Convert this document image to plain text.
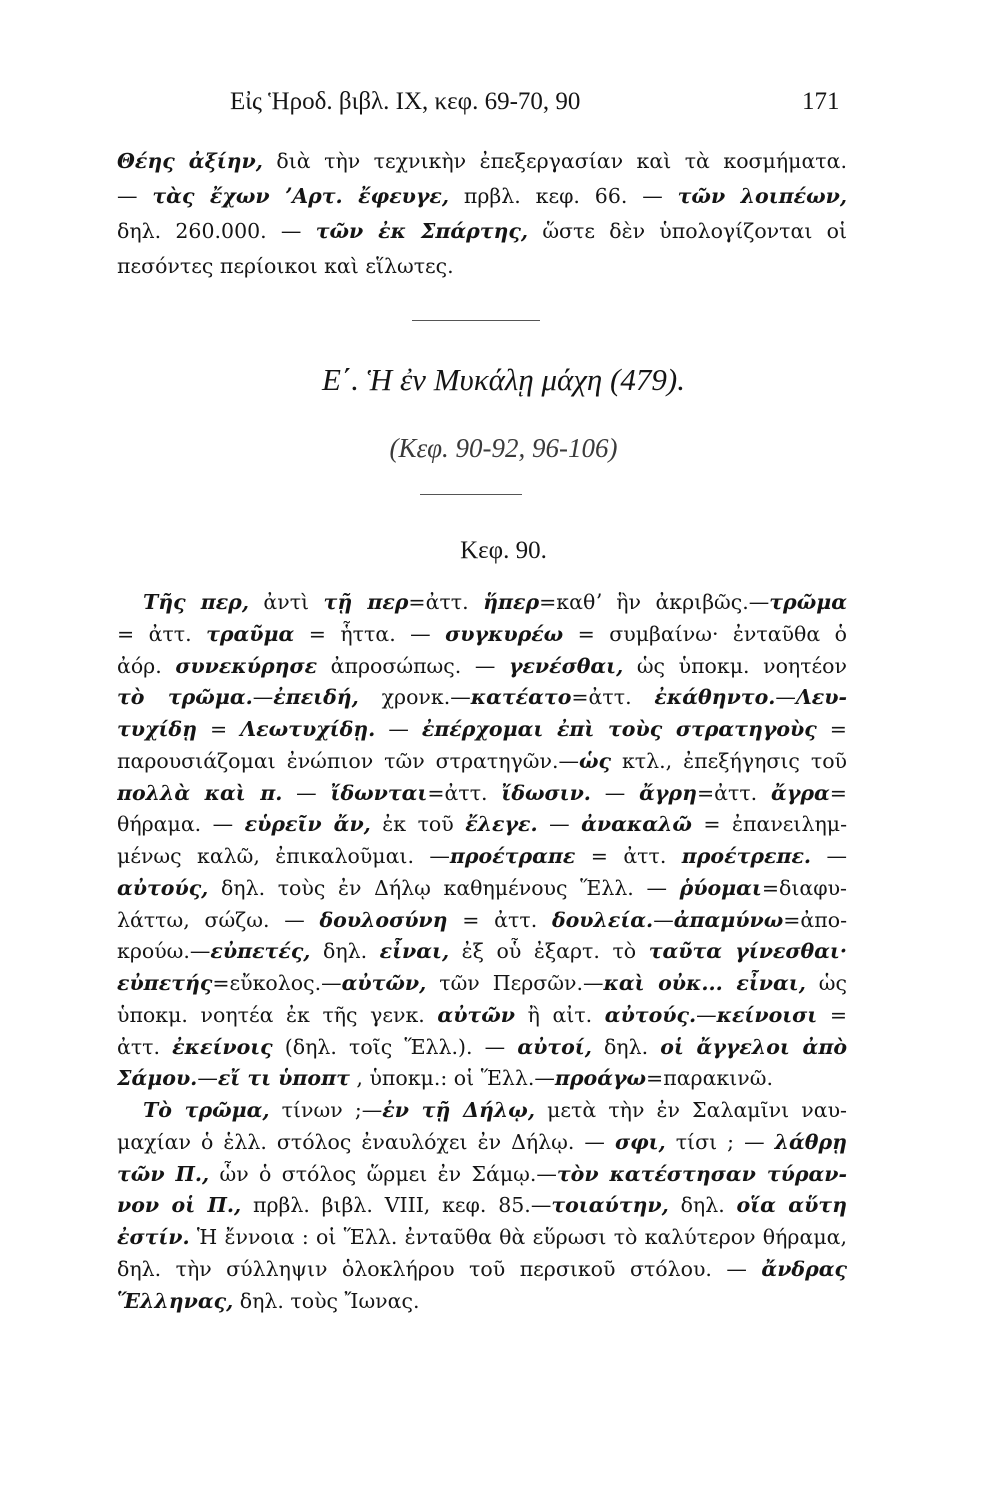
Εἰς Ἡροδ. βιβλ. IX, κεφ. 69-70, 90	171
Θέης ἀξίην, διὰ τὴν τεχνικὴν ἐπεξεργασίαν καὶ τὰ κοσμήματα.
— τὰς ἔχων ʼΑρτ. ἔφευγε, πρβλ. κεφ. 66. — τῶν λοιπέων,
δηλ. 260.000. — τῶν ἐκ Σπάρτης, ὥστε δὲν ὑπολογίζονται οἱ
πεσόντες περίοικοι καὶ εἵλωτες.
Ε΄. Ἡ ἐν Μυκάλῃ μάχη (479).
(Κεφ. 90-92, 96-106)
Κεφ. 90.
Τῆς περ, ἀντὶ τῇ περ=ἀττ. ἥπερ=καθʼ ἣν ἀκριβῶς.—τρῶμα
= ἀττ. τραῦμα = ἧττα. — συγκυρέω = συμβαίνω· ἐνταῦθα ὁ
ἀόρ. συνεκύρησε ἀπροσώπως. — γενέσθαι, ὡς ὑποκμ. νοητέον
τὸ τρῶμα.—ἐπειδή, χρονκ.—κατέατο=ἀττ. ἐκάθηντο.—Λευ-
τυχίδῃ = Λεωτυχίδῃ. — ἐπέρχομαι ἐπὶ τοὺς στρατηγοὺς =
παρουσιάζομαι ἐνώπιον τῶν στρατηγῶν.—ὡς κτλ., ἐπεξήγησις τοῦ
πολλὰ καὶ π. — ἴδωνται=ἀττ. ἴδωσιν. — ἄγρη=ἀττ. ἄγρα=
θήραμα. — εὑρεῖν ἄν, ἐκ τοῦ ἔλεγε. — ἀνακαλῶ = ἐπανειλημ-
μένως καλῶ, ἐπικαλοῦμαι. —προέτραπε = ἀττ. προέτρεπε. —
αὐτούς, δηλ. τοὺς ἐν Δήλῳ καθημένους Ἕλλ. — ῥύομαι=διαφυ-
λάττω, σώζω. — δουλοσύνη = ἀττ. δουλεία.—ἀπαμύνω=ἀπο-
κρούω.—εὐπετές, δηλ. εἶναι, ἐξ οὗ ἐξαρτ. τὸ ταῦτα γίνεσθαι·
εὐπετής=εὔκολος.—αὐτῶν, τῶν Περσῶν.—καὶ οὐκ... εἶναι, ὡς
ὑποκμ. νοητέα ἐκ τῆς γενκ. αὐτῶν ἢ αἰτ. αὐτούς.—κείνοισι =
ἀττ. ἐκείνοις (δηλ. τοῖς Ἕλλ.). — αὐτοί, δηλ. οἱ ἄγγελοι ἀπὸ
Σάμου.—εἴ τι ὑποπτ , ὑποκμ.: οἱ Ἕλλ.—προάγω=παρακινῶ.
Τὸ τρῶμα, τίνων ;—ἐν τῇ Δήλῳ, μετὰ τὴν ἐν Σαλαμῖνι ναυ-
μαχίαν ὁ ἑλλ. στόλος ἐναυλόχει ἐν Δήλῳ. — σφι, τίσι ; — λάθρῃ
τῶν Π., ὧν ὁ στόλος ὥρμει ἐν Σάμῳ.—τὸν κατέστησαν τύραν-
νον οἱ Π., πρβλ. βιβλ. VIII, κεφ. 85.—τοιαύτην, δηλ. οἵα αὕτη
ἐστίν. Ἡ ἔννοια : οἱ Ἕλλ. ἐνταῦθα θὰ εὕρωσι τὸ καλύτερον θήραμα,
δηλ. τὴν σύλληψιν ὁλοκλήρου τοῦ περσικοῦ στόλου. — ἄνδρας
Ἕλληνας, δηλ. τοὺς Ἴωνας.
